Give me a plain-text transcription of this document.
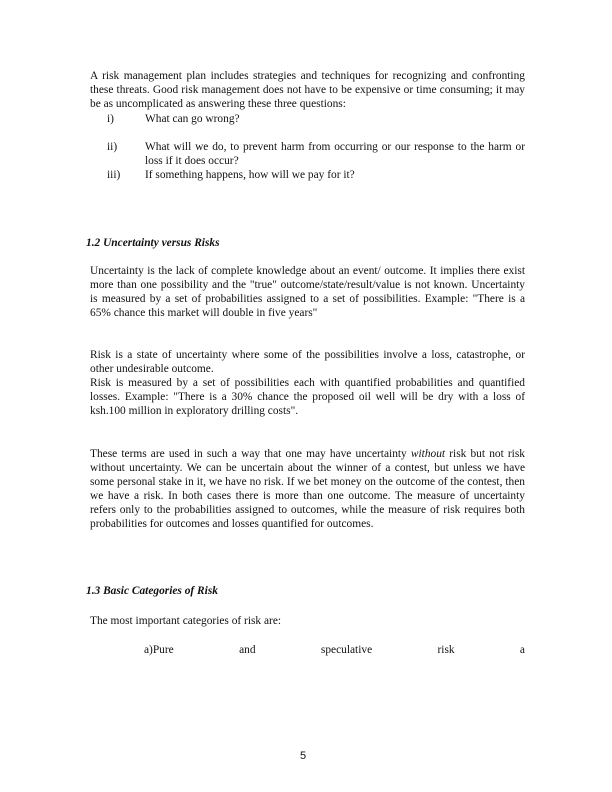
A risk management plan includes strategies and techniques for recognizing and confronting these threats. Good risk management does not have to be expensive or time consuming; it may be as uncomplicated as answering these three questions:
i)	What can go wrong?
ii) What will we do, to prevent harm from occurring or our response to the harm or loss if it does occur?
iii) If something happens, how will we pay for it?
1.2 Uncertainty versus Risks
Uncertainty is the lack of complete knowledge about an event/ outcome. It implies there exist more than one possibility and the "true" outcome/state/result/value is not known. Uncertainty is measured by a set of probabilities assigned to a set of possibilities. Example: "There is a 65% chance this market will double in five years"
Risk is a state of uncertainty where some of the possibilities involve a loss, catastrophe, or other undesirable outcome.
Risk is measured by a set of possibilities each with quantified probabilities and quantified losses. Example: "There is a 30% chance the proposed oil well will be dry with a loss of ksh.100 million in exploratory drilling costs".
These terms are used in such a way that one may have uncertainty without risk but not risk without uncertainty. We can be uncertain about the winner of a contest, but unless we have some personal stake in it, we have no risk. If we bet money on the outcome of the contest, then we have a risk. In both cases there is more than one outcome. The measure of uncertainty refers only to the probabilities assigned to outcomes, while the measure of risk requires both probabilities for outcomes and losses quantified for outcomes.
1.3 Basic Categories of Risk
The most important categories of risk are:
a)Pure and speculative risk a
5
